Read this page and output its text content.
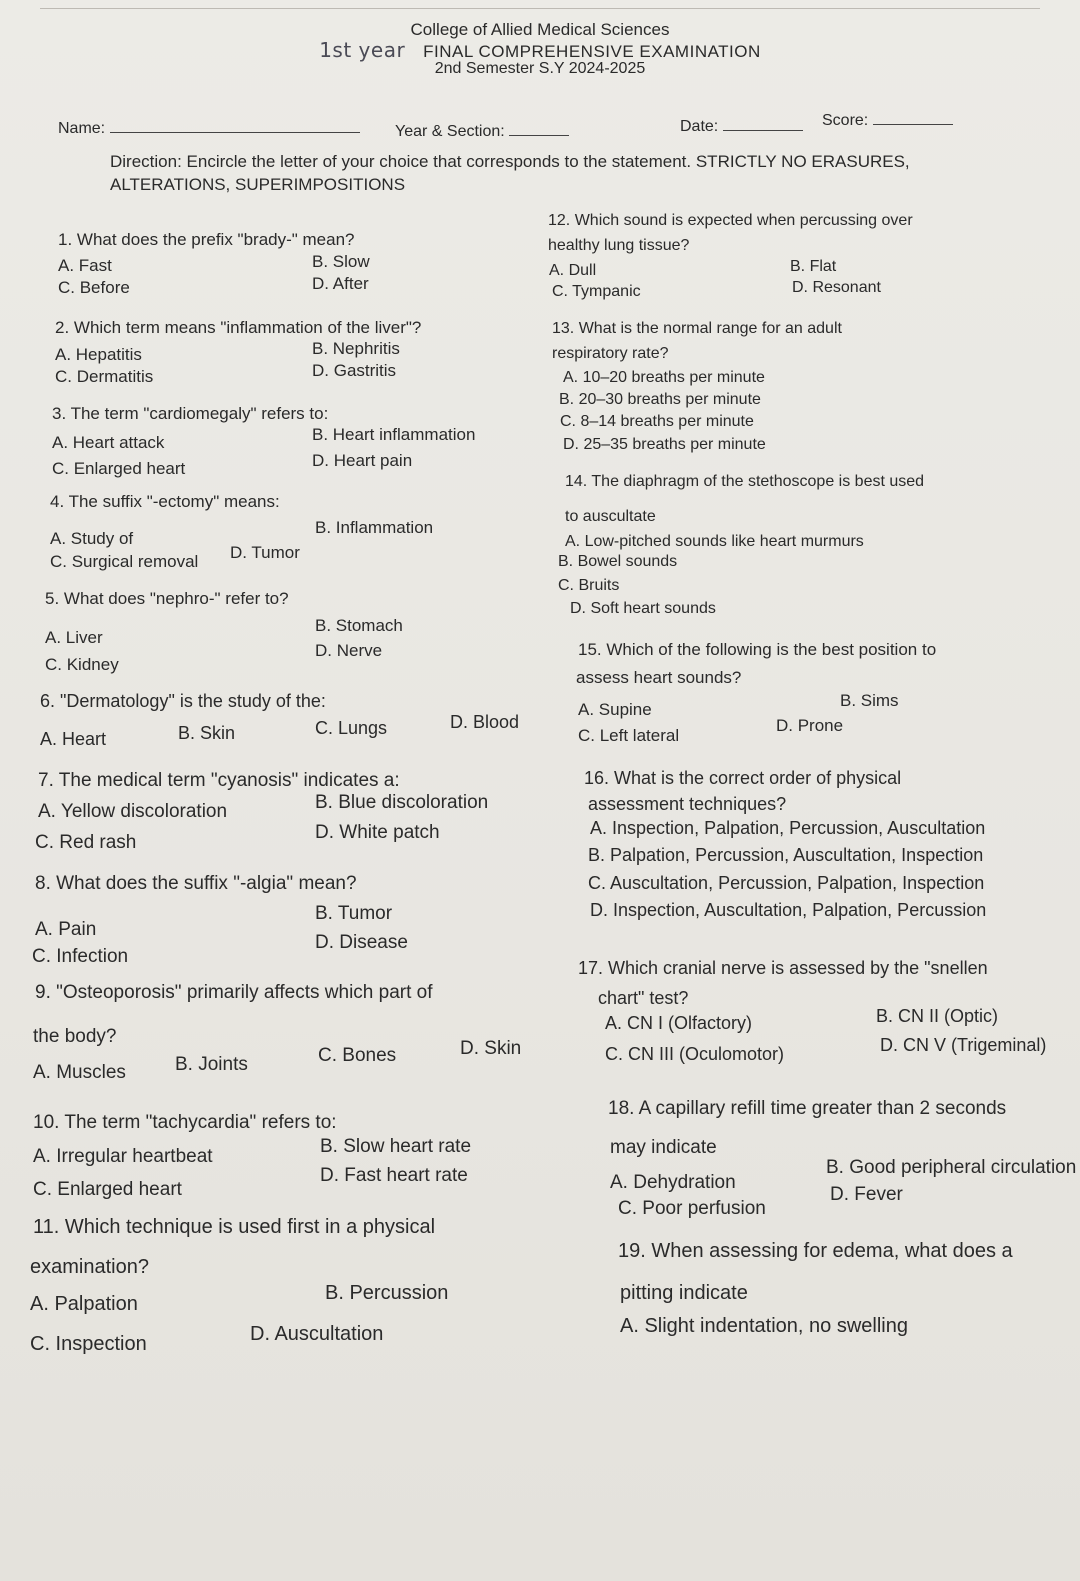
College of Allied Medical Sciences
1st year FINAL COMPREHENSIVE EXAMINATION
2nd Semester S.Y 2024-2025
Name:	Year & Section:	Date:	Score:
Direction: Encircle the letter of your choice that corresponds to the statement. STRICTLY NO ERASURES, ALTERATIONS, SUPERIMPOSITIONS
1. What does the prefix "brady-" mean?
A. Fast	B. Slow
C. Before	D. After
2. Which term means "inflammation of the liver"?
A. Hepatitis	B. Nephritis
C. Dermatitis	D. Gastritis
3. The term "cardiomegaly" refers to:
A. Heart attack	B. Heart inflammation
C. Enlarged heart	D. Heart pain
4. The suffix "-ectomy" means:
A. Study of
B. Inflammation
C. Surgical removal D. Tumor
5. What does "nephro-" refer to?
A. Liver
B. Stomach
C. Kidney
D. Nerve
6. "Dermatology" is the study of the:
A. Heart	B. Skin	C. Lungs	D. Blood
7. The medical term "cyanosis" indicates a:
A. Yellow discoloration	B. Blue discoloration
C. Red rash	D. White patch
8. What does the suffix "-algia" mean?
A. Pain
B. Tumor
C. Infection
D. Disease
9. "Osteoporosis" primarily affects which part of
the body?
A. Muscles	B. Joints	C. Bones	D. Skin
10. The term "tachycardia" refers to:
A. Irregular heartbeat	B. Slow heart rate
C. Enlarged heart
D. Fast heart rate
11. Which technique is used first in a physical
examination?
A. Palpation	B. Percussion
C. Inspection	D. Auscultation
12. Which sound is expected when percussing over
healthy lung tissue?
A. Dull	B. Flat
C. Tympanic	D. Resonant
13. What is the normal range for an adult
respiratory rate?
A. 10–20 breaths per minute
B. 20–30 breaths per minute
C. 8–14 breaths per minute
D. 25–35 breaths per minute
14. The diaphragm of the stethoscope is best used
to auscultate
A. Low-pitched sounds like heart murmurs
B. Bowel sounds
C. Bruits
D. Soft heart sounds
15. Which of the following is the best position to
assess heart sounds?
A. Supine	B. Sims
C. Left lateral
D. Prone
16. What is the correct order of physical
assessment techniques?
A. Inspection, Palpation, Percussion, Auscultation
B. Palpation, Percussion, Auscultation, Inspection
C. Auscultation, Percussion, Palpation, Inspection
D. Inspection, Auscultation, Palpation, Percussion
17. Which cranial nerve is assessed by the "snellen
chart" test?
A. CN I (Olfactory)	B. CN II (Optic)
C. CN III (Oculomotor)	D. CN V (Trigeminal)
18. A capillary refill time greater than 2 seconds
may indicate
A. Dehydration
B. Good peripheral circulation
C. Poor perfusion
D. Fever
19. When assessing for edema, what does a
pitting indicate
A. Slight indentation, no swelling
